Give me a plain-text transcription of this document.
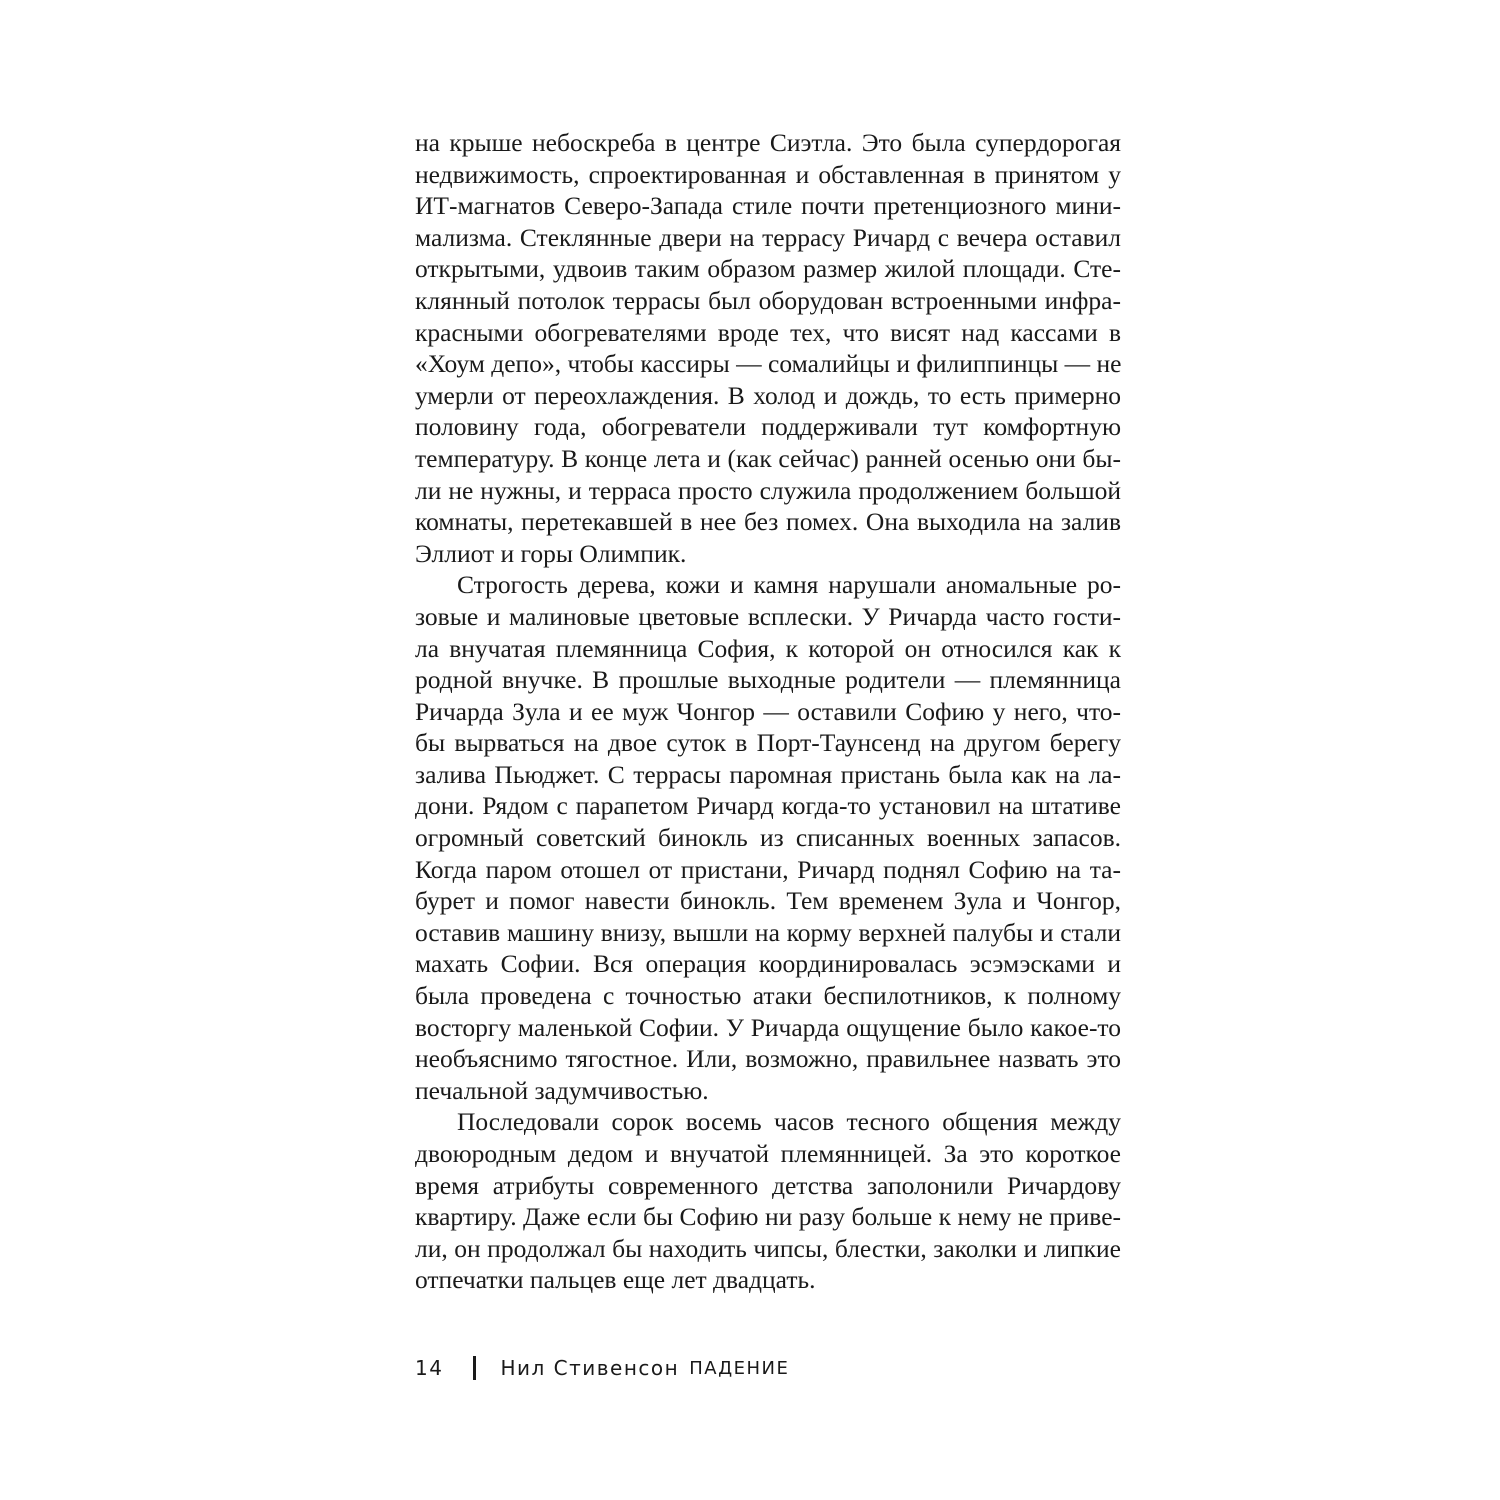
на крыше небоскреба в центре Сиэтла. Это была супердорогая
недвижимость, спроектированная и обставленная в принятом у
ИТ-магнатов Северо-Запада стиле почти претенциозного мини-
мализма. Стеклянные двери на террасу Ричард с вечера оставил
открытыми, удвоив таким образом размер жилой площади. Сте-
клянный потолок террасы был оборудован встроенными инфра-
красными обогревателями вроде тех, что висят над кассами в
«Хоум депо», чтобы кассиры — сомалийцы и филиппинцы — не
умерли от переохлаждения. В холод и дождь, то есть примерно
половину года, обогреватели поддерживали тут комфортную
температуру. В конце лета и (как сейчас) ранней осенью они бы-
ли не нужны, и терраса просто служила продолжением большой
комнаты, перетекавшей в нее без помех. Она выходила на залив
Эллиот и горы Олимпик.
Строгость дерева, кожи и камня нарушали аномальные ро-
зовые и малиновые цветовые всплески. У Ричарда часто гости-
ла внучатая племянница София, к которой он относился как к
родной внучке. В прошлые выходные родители — племянница
Ричарда Зула и ее муж Чонгор — оставили Софию у него, что-
бы вырваться на двое суток в Порт-Таунсенд на другом берегу
залива Пьюджет. С террасы паромная пристань была как на ла-
дони. Рядом с парапетом Ричард когда-то установил на штативе
огромный советский бинокль из списанных военных запасов.
Когда паром отошел от пристани, Ричард поднял Софию на та-
бурет и помог навести бинокль. Тем временем Зула и Чонгор,
оставив машину внизу, вышли на корму верхней палубы и стали
махать Софии. Вся операция координировалась эсэмэсками и
была проведена с точностью атаки беспилотников, к полному
восторгу маленькой Софии. У Ричарда ощущение было какое-то
необъяснимо тягостное. Или, возможно, правильнее назвать это
печальной задумчивостью.
Последовали сорок восемь часов тесного общения между
двоюродным дедом и внучатой племянницей. За это короткое
время атрибуты современного детства заполонили Ричардову
квартиру. Даже если бы Софию ни разу больше к нему не приве-
ли, он продолжал бы находить чипсы, блестки, заколки и липкие
отпечатки пальцев еще лет двадцать.
14	Нил Стивенсон ПАДЕНИЕ
